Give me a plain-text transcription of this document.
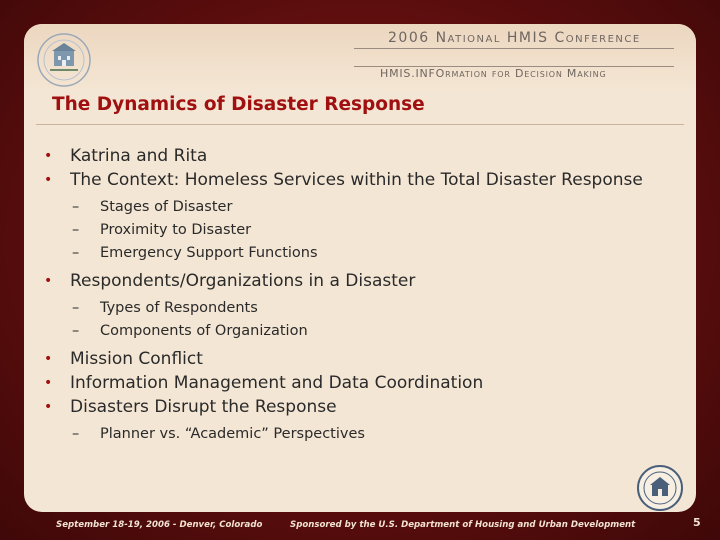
2006 National HMIS Conference
HMIS.INFOrmation for Decision Making
The Dynamics of Disaster Response
• Katrina and Rita
• The Context: Homeless Services within the Total Disaster Response
– Stages of Disaster
– Proximity to Disaster
– Emergency Support Functions
• Respondents/Organizations in a Disaster
– Types of Respondents
– Components of Organization
• Mission Conflict
• Information Management and Data Coordination
• Disasters Disrupt the Response
– Planner vs. “Academic” Perspectives
September 18-19, 2006 - Denver, Colorado	Sponsored by the U.S. Department of Housing and Urban Development	5
